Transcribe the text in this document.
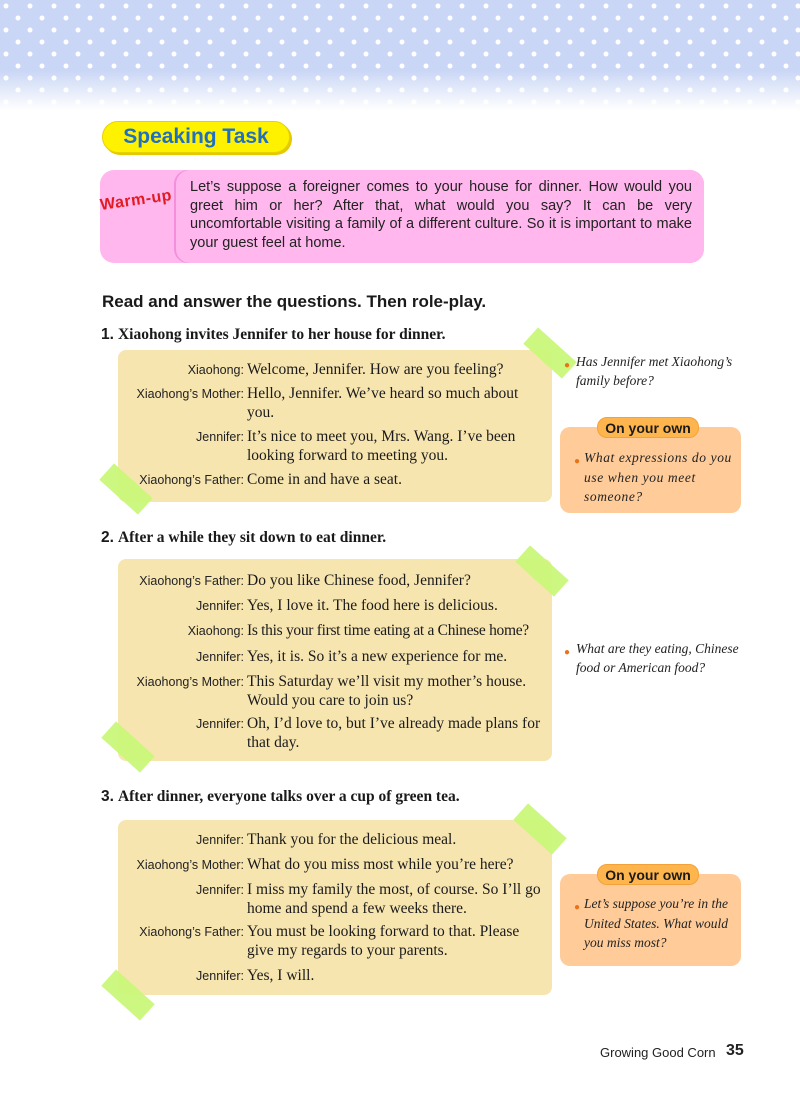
Speaking Task
Warm-up
Let’s suppose a foreigner comes to your house for dinner. How would you greet him or her? After that, what would you say? It can be very uncomfortable visiting a family of a different culture. So it is important to make your guest feel at home.
Read and answer the questions. Then role-play.
1. Xiaohong invites Jennifer to her house for dinner.
Xiaohong: Welcome, Jennifer. How are you feeling?
Xiaohong’s Mother: Hello, Jennifer. We’ve heard so much about you.
Jennifer: It’s nice to meet you, Mrs. Wang. I’ve been looking forward to meeting you.
Xiaohong’s Father: Come in and have a seat.
2. After a while they sit down to eat dinner.
Xiaohong’s Father: Do you like Chinese food, Jennifer?
Jennifer: Yes, I love it. The food here is delicious.
Xiaohong: Is this your first time eating at a Chinese home?
Jennifer: Yes, it is. So it’s a new experience for me.
Xiaohong’s Mother: This Saturday we’ll visit my mother’s house. Would you care to join us?
Jennifer: Oh, I’d love to, but I’ve already made plans for that day.
3. After dinner, everyone talks over a cup of green tea.
Jennifer: Thank you for the delicious meal.
Xiaohong’s Mother: What do you miss most while you’re here?
Jennifer: I miss my family the most, of course. So I’ll go home and spend a few weeks there.
Xiaohong’s Father: You must be looking forward to that. Please give my regards to your parents.
Jennifer: Yes, I will.
● Has Jennifer met Xiaohong’s family before?
On your own
● What expressions do you use when you meet someone?
● What are they eating, Chinese food or American food?
On your own
● Let’s suppose you’re in the United States. What would you miss most?
Growing Good Corn 35
